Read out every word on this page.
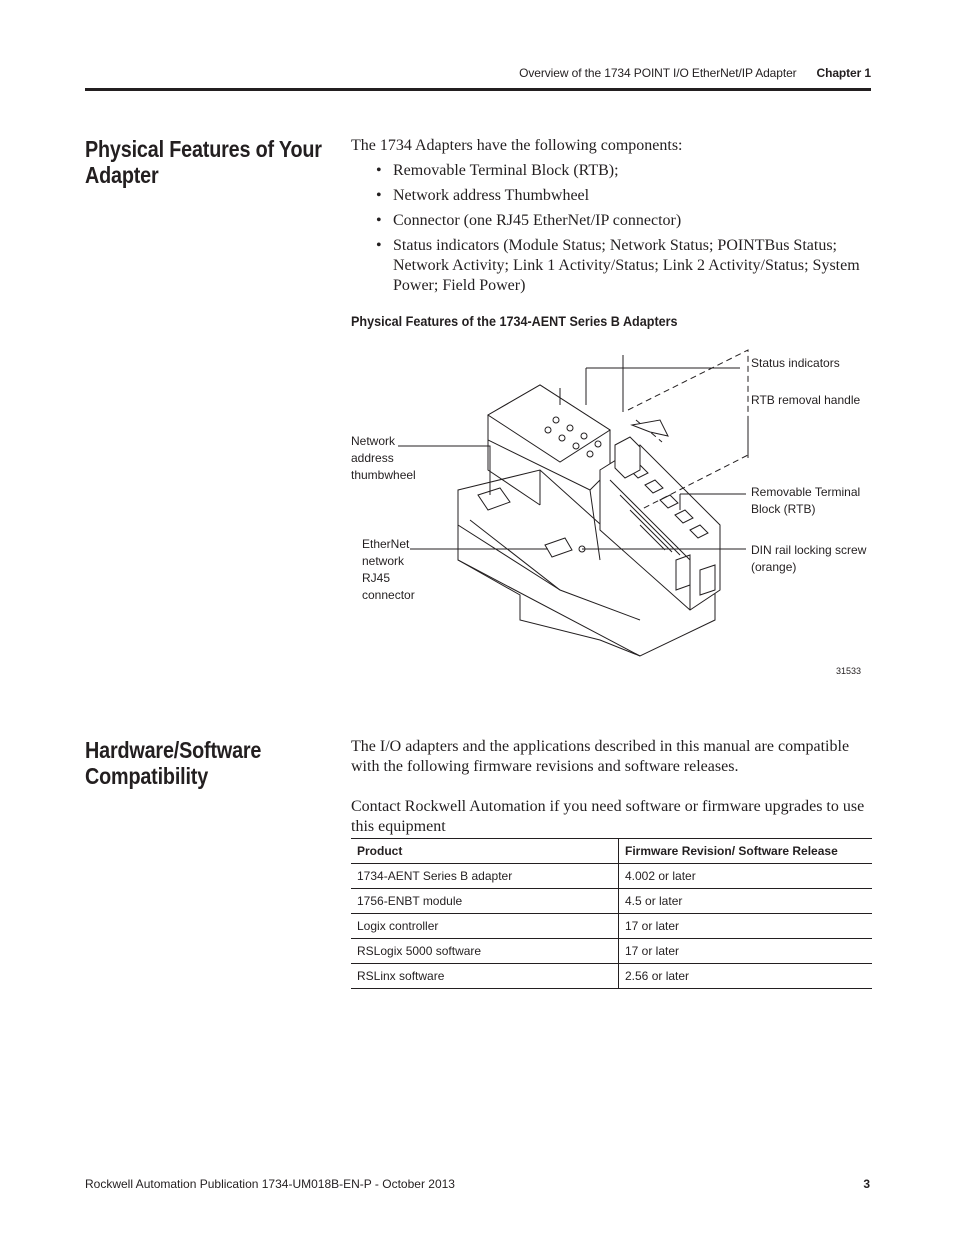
Overview of the 1734 POINT I/O EtherNet/IP Adapter Chapter 1
Physical Features of Your Adapter

The 1734 Adapters have the following components:

• Removable Terminal Block (RTB);
• Network address Thumbwheel
• Connector (one RJ45 EtherNet/IP connector)
• Status indicators (Module Status; Network Status; POINTBus Status; Network Activity; Link 1 Activity/Status; Link 2 Activity/Status; System Power; Field Power)
Physical Features of the 1734-AENT Series B Adapters
Status indicators
RTB removal handle
Network address thumbwheel
Removable Terminal Block (RTB)
DIN rail locking screw (orange)
EtherNet network RJ45 connector
31533
Hardware/Software Compatibility

The I/O adapters and the applications described in this manual are compatible with the following firmware revisions and software releases.

Contact Rockwell Automation if you need software or firmware upgrades to use this equipment

Product	Firmware Revision/ Software Release
1734-AENT Series B adapter	4.002 or later
1756-ENBT module	4.5 or later
Logix controller	17 or later
RSLogix 5000 software	17 or later
RSLinx software	2.56 or later
Rockwell Automation Publication 1734-UM018B-EN-P - October 2013	3
